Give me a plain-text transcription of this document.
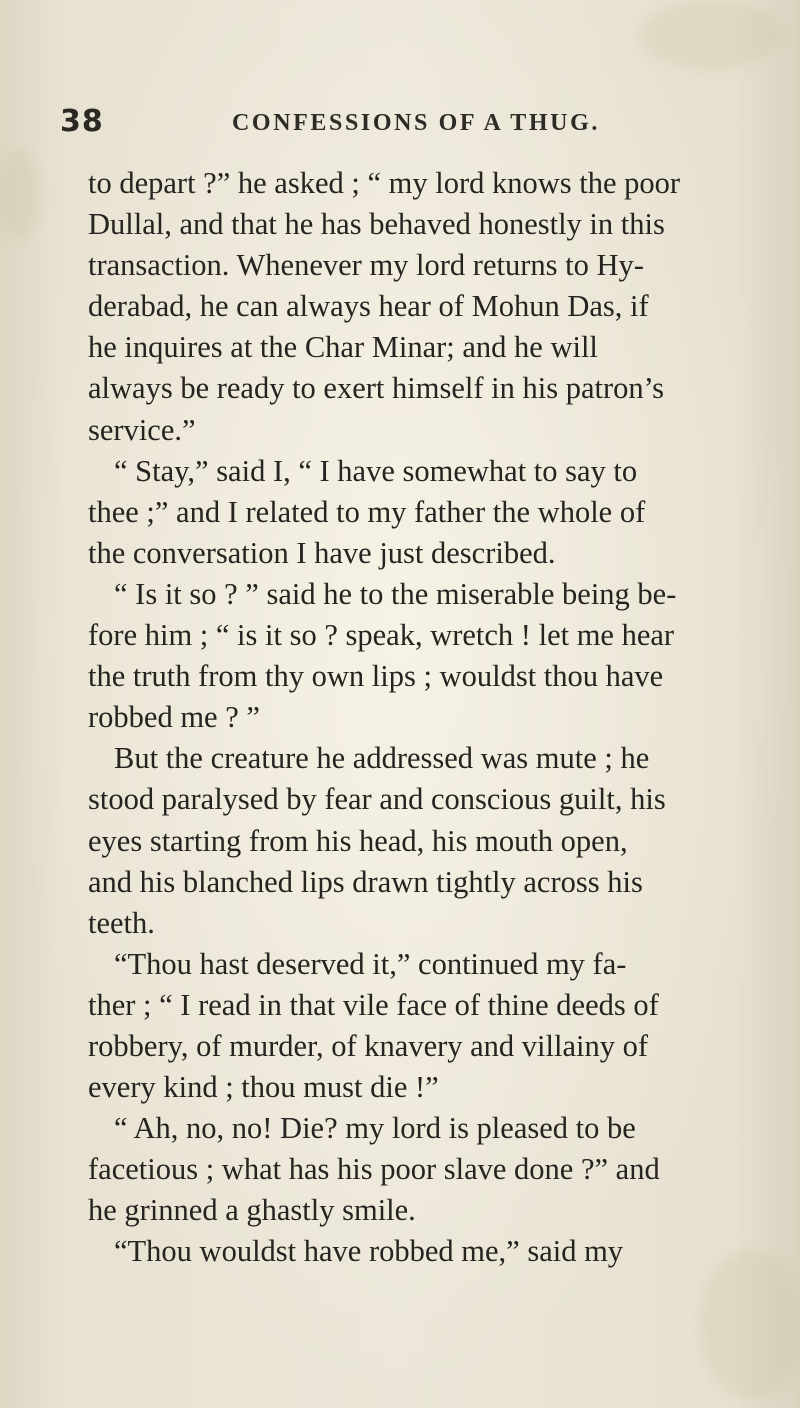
38	CONFESSIONS OF A THUG.
to depart ?” he asked ; “ my lord knows the poor
Dullal, and that he has behaved honestly in this
transaction. Whenever my lord returns to Hy-
derabad, he can always hear of Mohun Das, if
he inquires at the Char Minar; and he will
always be ready to exert himself in his patron’s
service.”
“ Stay,” said I, “ I have somewhat to say to
thee ;” and I related to my father the whole of
the conversation I have just described.
“ Is it so ? ” said he to the miserable being be-
fore him ; “ is it so ? speak, wretch ! let me hear
the truth from thy own lips ; wouldst thou have
robbed me ? ”
But the creature he addressed was mute ; he
stood paralysed by fear and conscious guilt, his
eyes starting from his head, his mouth open,
and his blanched lips drawn tightly across his
teeth.
“Thou hast deserved it,” continued my fa-
ther ; “ I read in that vile face of thine deeds of
robbery, of murder, of knavery and villainy of
every kind ; thou must die !”
“ Ah, no, no! Die? my lord is pleased to be
facetious ; what has his poor slave done ?” and
he grinned a ghastly smile.
“Thou wouldst have robbed me,” said my
